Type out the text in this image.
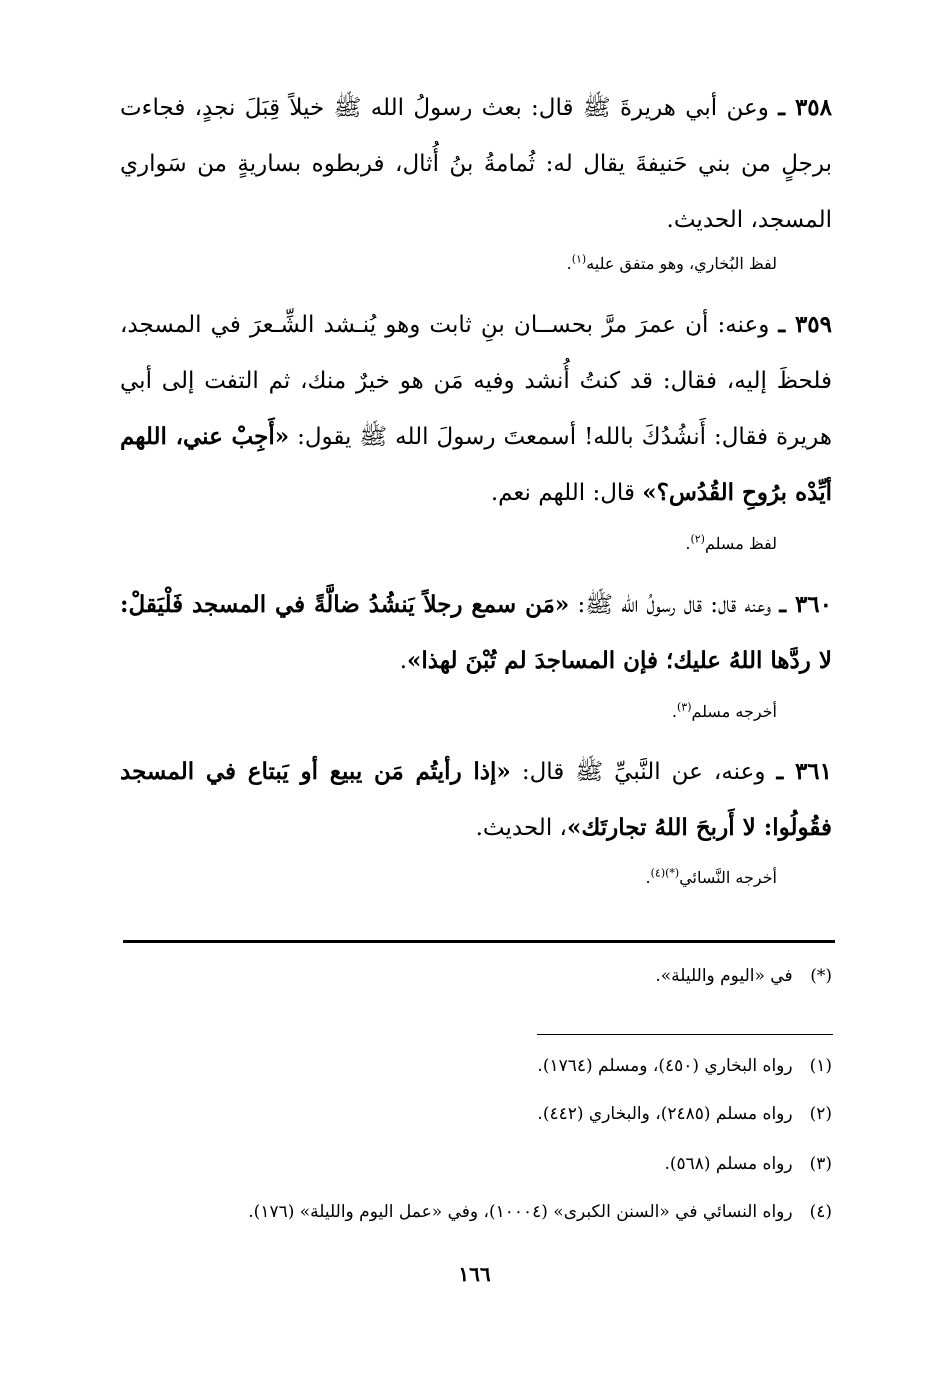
٣٥٨ ـ وعن أبي هريرةَ ﷺ قال: بعث رسولُ الله ﷺ خيلاً قِبَلَ نجدٍ، فجاءت برجلٍ من بني حَنيفةَ يقال له: ثُمامةُ بنُ أُثال، فربطوه بساريةٍ من سَواري المسجد، الحديث.
لفظ البُخاري، وهو متفق عليه$^{(١)}$.
٣٥٩ ـ وعنه: أن عمرَ مرَّ بحســان بنِ ثابت وهو يُنـشد الشِّـعرَ في المسجد، فلحظَ إليه، فقال: قد كنتُ أُنشد وفيه مَن هو خيرٌ منك، ثم التفت إلى أبي هريرة فقال: أَنشُدُكَ بالله! أسمعتَ رسولَ الله ﷺ يقول: «أَجِبْ عني، اللهم أيِّدْه برُوحِ القُدُس؟» قال: اللهم نعم.
لفظ مسلم$^{(٢)}$.
٣٦٠ ـ وعنه قال: قال رسولُ الله ﷺ: «مَن سمع رجلاً يَنشُدُ ضالَّةً في المسجد فَلْيَقلْ: لا ردَّها اللهُ عليك؛ فإن المساجدَ لم تُبْنَ لهذا».
أخرجه مسلم$^{(٣)}$.
٣٦١ ـ وعنه، عن النَّبيِّ ﷺ قال: «إذا رأيتُم مَن يبيع أو يَبتاع في المسجد فقُولُوا: لا أَربحَ اللهُ تجارتَك»، الحديث.
أخرجه النَّسائي$^{(*)(٤)}$.
(*) في «اليوم والليلة».
(١) رواه البخاري (٤٥٠)، ومسلم (١٧٦٤).
(٢) رواه مسلم (٢٤٨٥)، والبخاري (٤٤٢).
(٣) رواه مسلم (٥٦٨).
(٤) رواه النسائي في «السنن الكبرى» (١٠٠٠٤)، وفي «عمل اليوم والليلة» (١٧٦).
١٦٦
